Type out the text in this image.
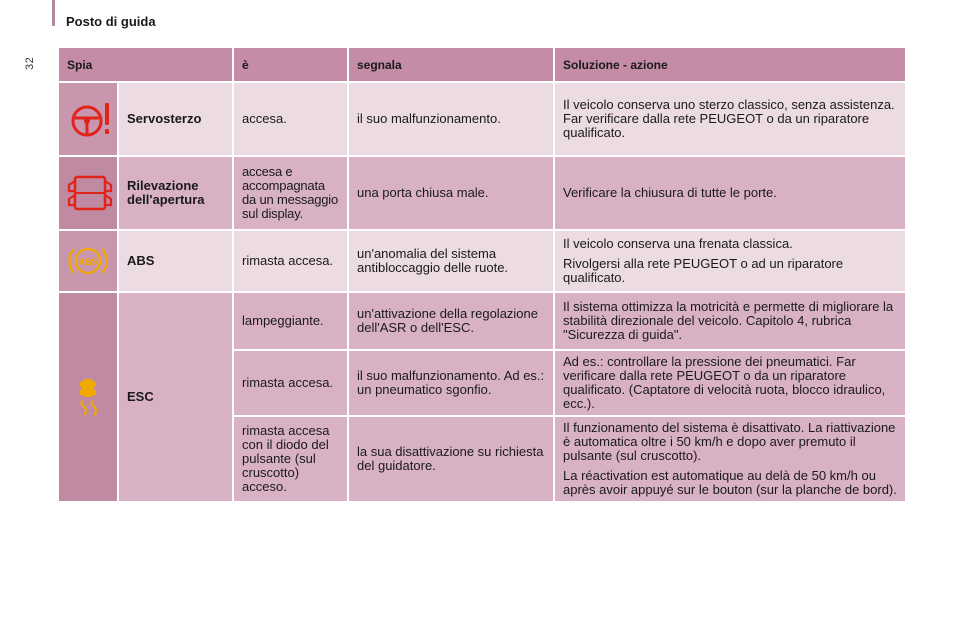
32
Posto di guida
Spia		è	segnala	Soluzione - azione

	Servosterzo	accesa.	il suo malfunzionamento.	Il veicolo conserva uno sterzo classico, senza assistenza. Far verificare dalla rete PEUGEOT o da un riparatore qualificato.

	Rilevazione dell'apertura	accesa e accompagnata da un messaggio sul display.	una porta chiusa male.	Verificare la chiusura di tutte le porte.

ABS	ABS	rimasta accesa.	un'anomalia del sistema antibloccaggio delle ruote.	Il veicolo conserva una frenata classica.

Rivolgersi alla rete PEUGEOT o ad un riparatore qualificato.

	ESC	lampeggiante.	un'attivazione della regolazione dell'ASR o dell'ESC.	Il sistema ottimizza la motricità e permette di migliorare la stabilità direzionale del veicolo. Capitolo 4, rubrica "Sicurezza di guida".

		rimasta accesa.	il suo malfunzionamento. Ad es.: un pneumatico sgonfio.	Ad es.: controllare la pressione dei pneumatici. Far verificare dalla rete PEUGEOT o da un riparatore qualificato. (Captatore di velocità ruota, blocco idraulico, ecc.).

		rimasta accesa con il diodo del pulsante (sul cruscotto) acceso.	la sua disattivazione su richiesta del guidatore.	Il funzionamento del sistema è disattivato. La riattivazione è automatica oltre i 50 km/h e dopo aver premuto il pulsante (sul cruscotto).

La réactivation est automatique au delà de 50 km/h ou après avoir appuyé sur le bouton (sur la planche de bord).
